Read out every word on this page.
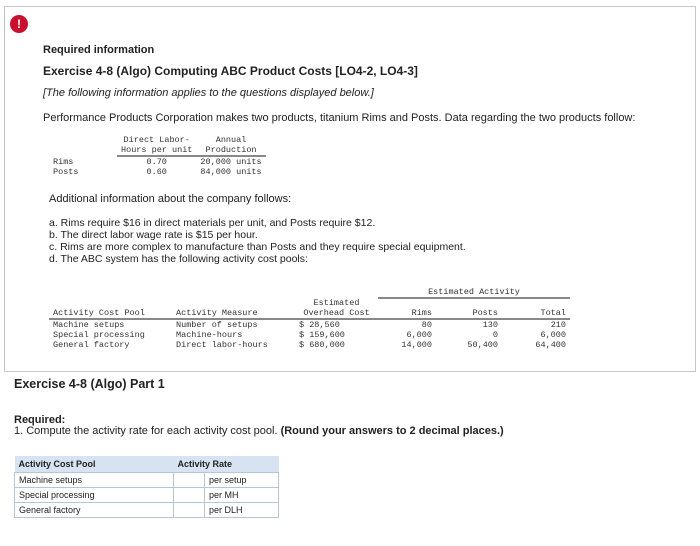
!
Required information
Exercise 4-8 (Algo) Computing ABC Product Costs [LO4-2, LO4-3]
[The following information applies to the questions displayed below.]
Performance Products Corporation makes two products, titanium Rims and Posts. Data regarding the two products follow:
	Direct Labor-	Annual
	Hours per unit	Production
Rims	0.70	20,000 units
Posts	0.60	84,000 units
Additional information about the company follows:
a. Rims require $16 in direct materials per unit, and Posts require $12.
b. The direct labor wage rate is $15 per hour.
c. Rims are more complex to manufacture than Posts and they require special equipment.
d. The ABC system has the following activity cost pools:
			Estimated Activity		
		Estimated			
Activity Cost Pool	Activity Measure	Overhead Cost	Rims	Posts	Total
Machine setups	Number of setups	$ 28,560	80	130	210
Special processing	Machine-hours	$ 159,600	6,000	0	6,000
General factory	Direct labor-hours	$ 680,000	14,000	50,400	64,400
Exercise 4-8 (Algo) Part 1
Required:
1. Compute the activity rate for each activity cost pool. (Round your answers to 2 decimal places.)
Activity Cost Pool	Activity Rate	
Machine setups		per setup
Special processing		per MH
General factory		per DLH
